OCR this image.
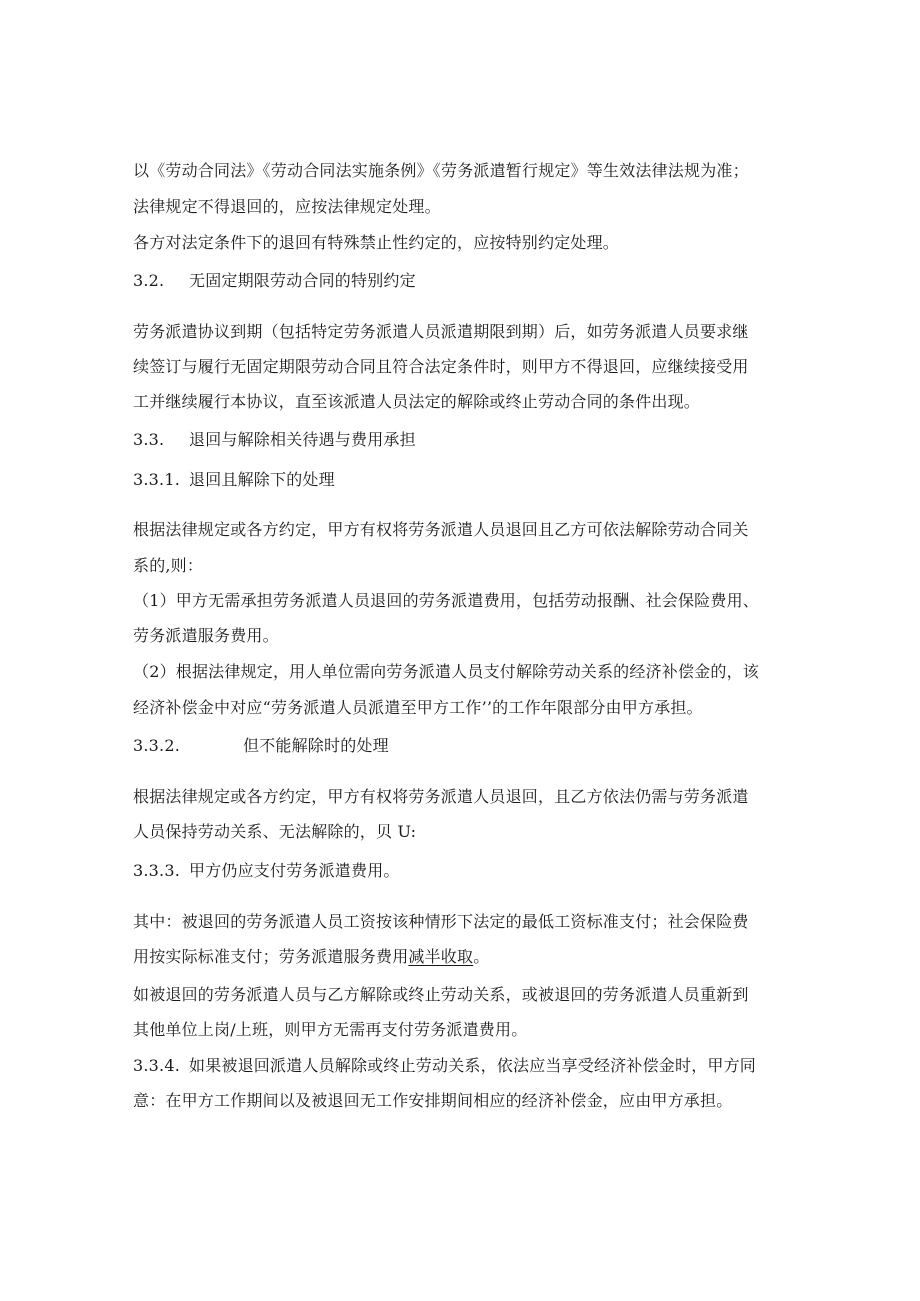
以《劳动合同法》《劳动合同法实施条例》《劳务派遣暂行规定》等生效法律法规为准；
法律规定不得退回的，应按法律规定处理。
各方对法定条件下的退回有特殊禁止性约定的，应按特别约定处理。
3.2. 无固定期限劳动合同的特别约定
劳务派遣协议到期（包括特定劳务派遣人员派遣期限到期）后，如劳务派遣人员要求继
续签订与履行无固定期限劳动合同且符合法定条件时，则甲方不得退回，应继续接受用
工并继续履行本协议，直至该派遣人员法定的解除或终止劳动合同的条件出现。
3.3. 退回与解除相关待遇与费用承担
3.3.1. 退回且解除下的处理
根据法律规定或各方约定，甲方有权将劳务派遣人员退回且乙方可依法解除劳动合同关
系的,则：
（1）甲方无需承担劳务派遣人员退回的劳务派遣费用，包括劳动报酬、社会保险费用、
劳务派遣服务费用。
（2）根据法律规定，用人单位需向劳务派遣人员支付解除劳动关系的经济补偿金的，该
经济补偿金中对应“劳务派遣人员派遣至甲方工作’’的工作年限部分由甲方承担。
3.3.2.	但不能解除时的处理
根据法律规定或各方约定，甲方有权将劳务派遣人员退回，且乙方依法仍需与劳务派遣
人员保持劳动关系、无法解除的，贝 U:
3.3.3. 甲方仍应支付劳务派遣费用。
其中：被退回的劳务派遣人员工资按该种情形下法定的最低工资标准支付；社会保险费
用按实际标准支付；劳务派遣服务费用减半收取。
如被退回的劳务派遣人员与乙方解除或终止劳动关系，或被退回的劳务派遣人员重新到
其他单位上岗/上班，则甲方无需再支付劳务派遣费用。
3.3.4. 如果被退回派遣人员解除或终止劳动关系，依法应当享受经济补偿金时，甲方同
意：在甲方工作期间以及被退回无工作安排期间相应的经济补偿金，应由甲方承担。
